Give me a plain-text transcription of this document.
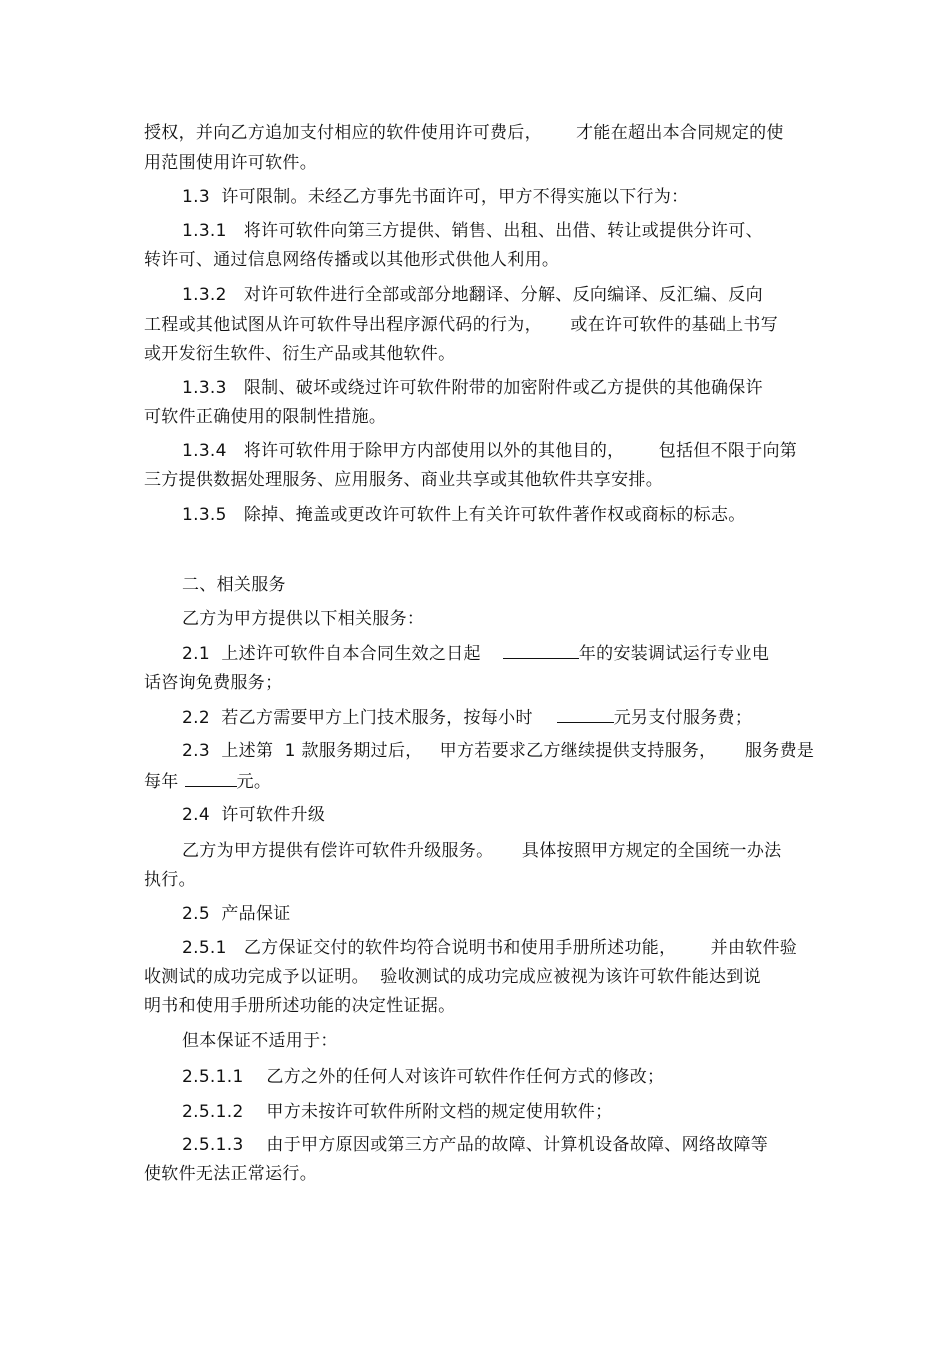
授权，并向乙方追加支付相应的软件使用许可费后，      才能在超出本合同规定的使
用范围使用许可软件。
1.3  许可限制。未经乙方事先书面许可，甲方不得实施以下行为：
1.3.1   将许可软件向第三方提供、销售、出租、出借、转让或提供分许可、
转许可、通过信息网络传播或以其他形式供他人利用。
1.3.2   对许可软件进行全部或部分地翻译、分解、反向编译、反汇编、反向
工程或其他试图从许可软件导出程序源代码的行为，     或在许可软件的基础上书写
或开发衍生软件、衍生产品或其他软件。
1.3.3   限制、破坏或绕过许可软件附带的加密附件或乙方提供的其他确保许
可软件正确使用的限制性措施。
1.3.4   将许可软件用于除甲方内部使用以外的其他目的，      包括但不限于向第
三方提供数据处理服务、应用服务、商业共享或其他软件共享安排。
1.3.5   除掉、掩盖或更改许可软件上有关许可软件著作权或商标的标志。
二、相关服务
乙方为甲方提供以下相关服务：
2.1  上述许可软件自本合同生效之日起	年的安装调试运行专业电
话咨询免费服务；
2.2  若乙方需要甲方上门技术服务，按每小时	元另支付服务费；
2.3  上述第  1 款服务期过后，   甲方若要求乙方继续提供支持服务，     服务费是
每年	元。
2.4  许可软件升级
乙方为甲方提供有偿许可软件升级服务。     具体按照甲方规定的全国统一办法
执行。
2.5  产品保证
2.5.1   乙方保证交付的软件均符合说明书和使用手册所述功能，      并由软件验
收测试的成功完成予以证明。  验收测试的成功完成应被视为该许可软件能达到说
明书和使用手册所述功能的决定性证据。
但本保证不适用于：
2.5.1.1    乙方之外的任何人对该许可软件作任何方式的修改；
2.5.1.2    甲方未按许可软件所附文档的规定使用软件；
2.5.1.3    由于甲方原因或第三方产品的故障、计算机设备故障、网络故障等
使软件无法正常运行。
